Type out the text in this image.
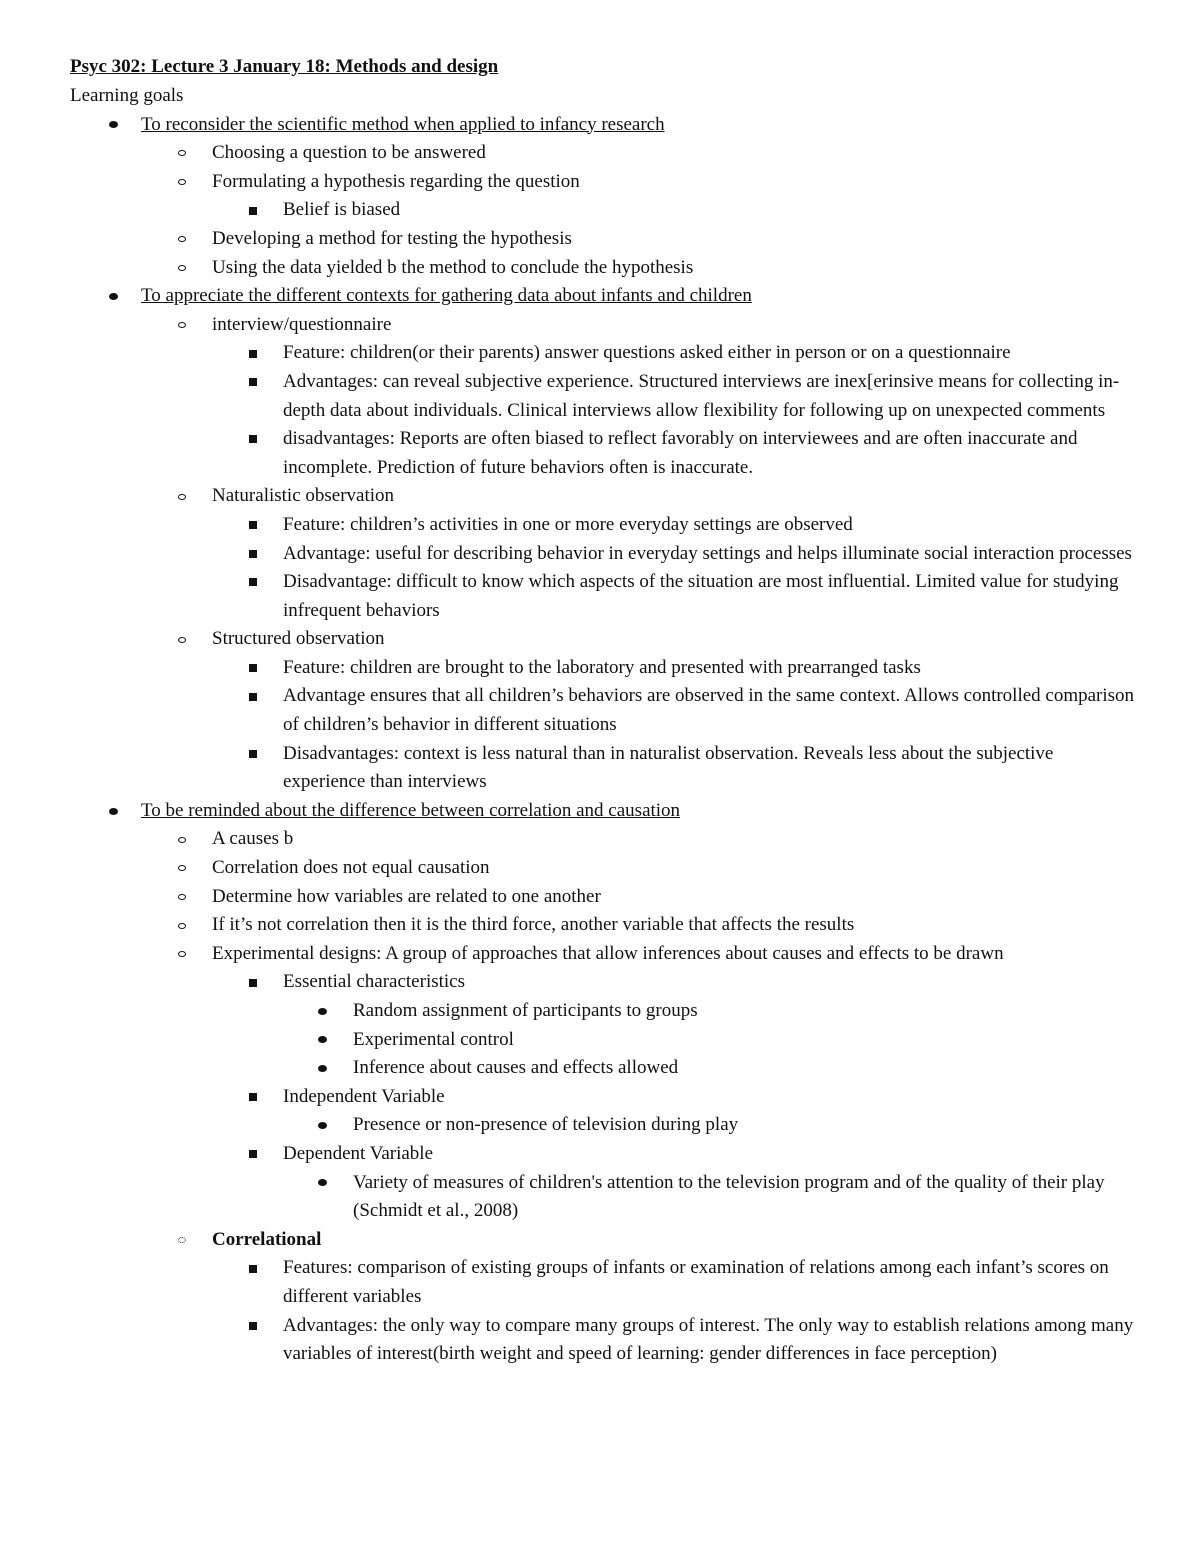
Psyc 302: Lecture 3 January 18: Methods and design

Learning goals
To reconsider the scientific method when applied to infancy research
Choosing a question to be answered
Formulating a hypothesis regarding the question
Belief is biased
Developing a method for testing the hypothesis
Using the data yielded b the method to conclude the hypothesis
To appreciate the different contexts for gathering data about infants and children
interview/questionnaire
Feature: children(or their parents) answer questions asked either in person or on a questionnaire
Advantages: can reveal subjective experience. Structured interviews are inex[erinsive means for collecting in-depth data about individuals. Clinical interviews allow flexibility for following up on unexpected comments
disadvantages: Reports are often biased to reflect favorably on interviewees and are often inaccurate and incomplete. Prediction of future behaviors often is inaccurate.
Naturalistic observation
Feature: children’s activities in one or more everyday settings are observed
Advantage: useful for describing behavior in everyday settings and helps illuminate social interaction processes
Disadvantage: difficult to know which aspects of the situation are most influential. Limited value for studying infrequent behaviors
Structured observation
Feature: children are brought to the laboratory and presented with prearranged tasks
Advantage ensures that all children’s behaviors are observed in the same context. Allows controlled comparison of children’s behavior in different situations
Disadvantages: context is less natural than in naturalist observation. Reveals less about the subjective experience than interviews
To be reminded about the difference between correlation and causation
A causes b
Correlation does not equal causation
Determine how variables are related to one another
If it’s not correlation then it is the third force, another variable that affects the results
Experimental designs: A group of approaches that allow inferences about causes and effects to be drawn
Essential characteristics
Random assignment of participants to groups
Experimental control
Inference about causes and effects allowed
Independent Variable
Presence or non-presence of television during play
Dependent Variable
Variety of measures of children's attention to the television program and of the quality of their play (Schmidt et al., 2008)
Correlational
Features: comparison of existing groups of infants or examination of relations among each infant’s scores on different variables
Advantages: the only way to compare many groups of interest. The only way to establish relations among many variables of interest(birth weight and speed of learning: gender differences in face perception)
